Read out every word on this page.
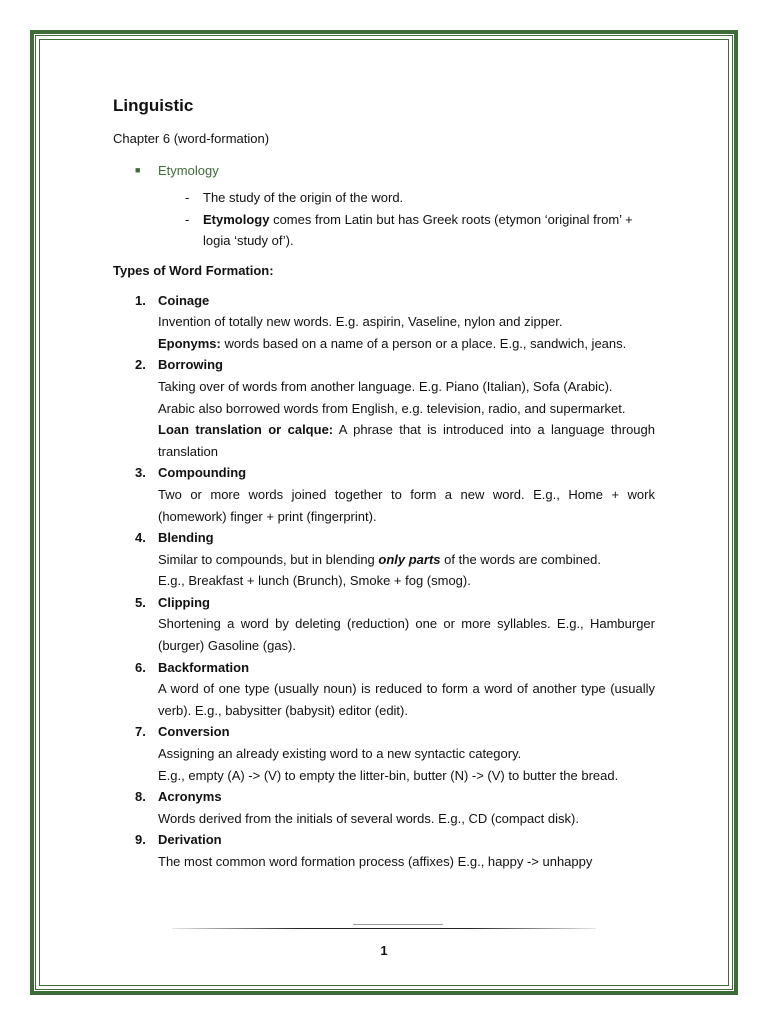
Linguistic
Chapter 6 (word-formation)
■ Etymology
- The study of the origin of the word.
- Etymology comes from Latin but has Greek roots (etymon ‘original from’ + logia ‘study of’).
Types of Word Formation:
1. Coinage
Invention of totally new words. E.g. aspirin, Vaseline, nylon and zipper.
Eponyms: words based on a name of a person or a place. E.g., sandwich, jeans.
2. Borrowing
Taking over of words from another language. E.g. Piano (Italian), Sofa (Arabic).
Arabic also borrowed words from English, e.g. television, radio, and supermarket.
Loan translation or calque: A phrase that is introduced into a language through translation
3. Compounding
Two or more words joined together to form a new word. E.g., Home + work (homework) finger + print (fingerprint).
4. Blending
Similar to compounds, but in blending only parts of the words are combined.
E.g., Breakfast + lunch (Brunch), Smoke + fog (smog).
5. Clipping
Shortening a word by deleting (reduction) one or more syllables. E.g., Hamburger (burger) Gasoline (gas).
6. Backformation
A word of one type (usually noun) is reduced to form a word of another type (usually verb). E.g., babysitter (babysit) editor (edit).
7. Conversion
Assigning an already existing word to a new syntactic category.
E.g., empty (A) -> (V) to empty the litter-bin, butter (N) -> (V) to butter the bread.
8. Acronyms
Words derived from the initials of several words. E.g., CD (compact disk).
9. Derivation
The most common word formation process (affixes) E.g., happy -> unhappy
1
